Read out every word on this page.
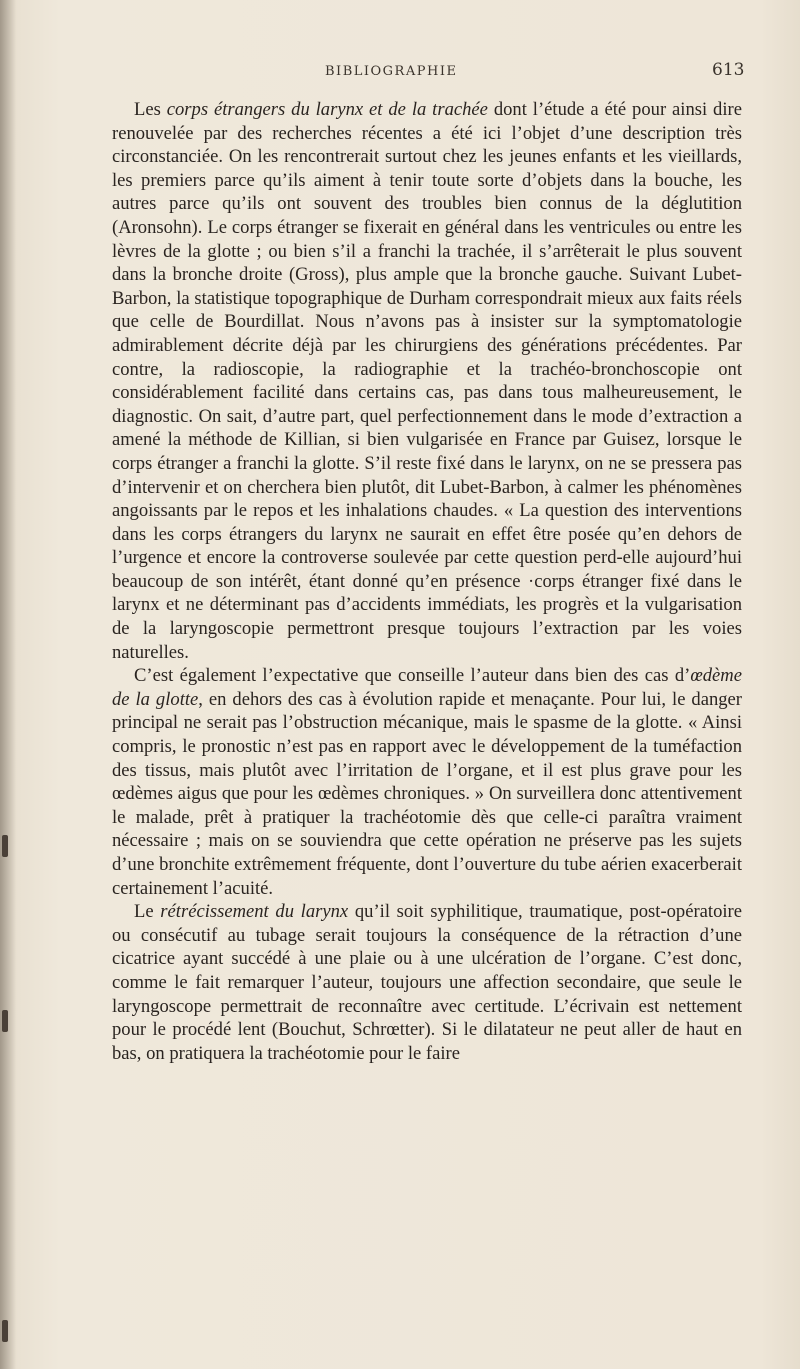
BIBLIOGRAPHIE	613

Les corps étrangers du larynx et de la trachée dont l’étude a été pour ainsi dire renouvelée par des recherches récentes a été ici l’objet d’une description très circonstanciée. On les rencontrerait surtout chez les jeunes enfants et les vieillards, les premiers parce qu’ils aiment à tenir toute sorte d’objets dans la bouche, les autres parce qu’ils ont souvent des troubles bien connus de la déglutition (Aronsohn). Le corps étranger se fixerait en général dans les ventricules ou entre les lèvres de la glotte ; ou bien s’il a franchi la trachée, il s’arrêterait le plus souvent dans la bronche droite (Gross), plus ample que la bronche gauche. Suivant Lubet-Barbon, la statistique topographique de Durham correspondrait mieux aux faits réels que celle de Bourdillat. Nous n’avons pas à insister sur la symptomatologie admirablement décrite déjà par les chirurgiens des générations précédentes. Par contre, la radioscopie, la radiographie et la trachéo-bronchoscopie ont considérablement facilité dans certains cas, pas dans tous malheureusement, le diagnostic. On sait, d’autre part, quel perfectionnement dans le mode d’extraction a amené la méthode de Killian, si bien vulgarisée en France par Guisez, lorsque le corps étranger a franchi la glotte. S’il reste fixé dans le larynx, on ne se pressera pas d’intervenir et on cherchera bien plutôt, dit Lubet-Barbon, à calmer les phénomènes angoissants par le repos et les inhalations chaudes. « La question des interventions dans les corps étrangers du larynx ne saurait en effet être posée qu’en dehors de l’urgence et encore la controverse soulevée par cette question perd-elle aujourd’hui beaucoup de son intérêt, étant donné qu’en présence ·corps étranger fixé dans le larynx et ne déterminant pas d’accidents immédiats, les progrès et la vulgarisation de la laryngoscopie permettront presque toujours l’extraction par les voies naturelles.

C’est également l’expectative que conseille l’auteur dans bien des cas d’œdème de la glotte, en dehors des cas à évolution rapide et menaçante. Pour lui, le danger principal ne serait pas l’obstruction mécanique, mais le spasme de la glotte. « Ainsi compris, le pronostic n’est pas en rapport avec le développement de la tuméfaction des tissus, mais plutôt avec l’irritation de l’organe, et il est plus grave pour les œdèmes aigus que pour les œdèmes chroniques. » On surveillera donc attentivement le malade, prêt à pratiquer la trachéotomie dès que celle-ci paraîtra vraiment nécessaire ; mais on se souviendra que cette opération ne préserve pas les sujets d’une bronchite extrêmement fréquente, dont l’ouverture du tube aérien exacerberait certainement l’acuité.

Le rétrécissement du larynx qu’il soit syphilitique, traumatique, post-opératoire ou consécutif au tubage serait toujours la conséquence de la rétraction d’une cicatrice ayant succédé à une plaie ou à une ulcération de l’organe. C’est donc, comme le fait remarquer l’auteur, toujours une affection secondaire, que seule le laryngoscope permettrait de reconnaître avec certitude. L’écrivain est nettement pour le procédé lent (Bouchut, Schrœtter). Si le dilatateur ne peut aller de haut en bas, on pratiquera la trachéotomie pour le faire
